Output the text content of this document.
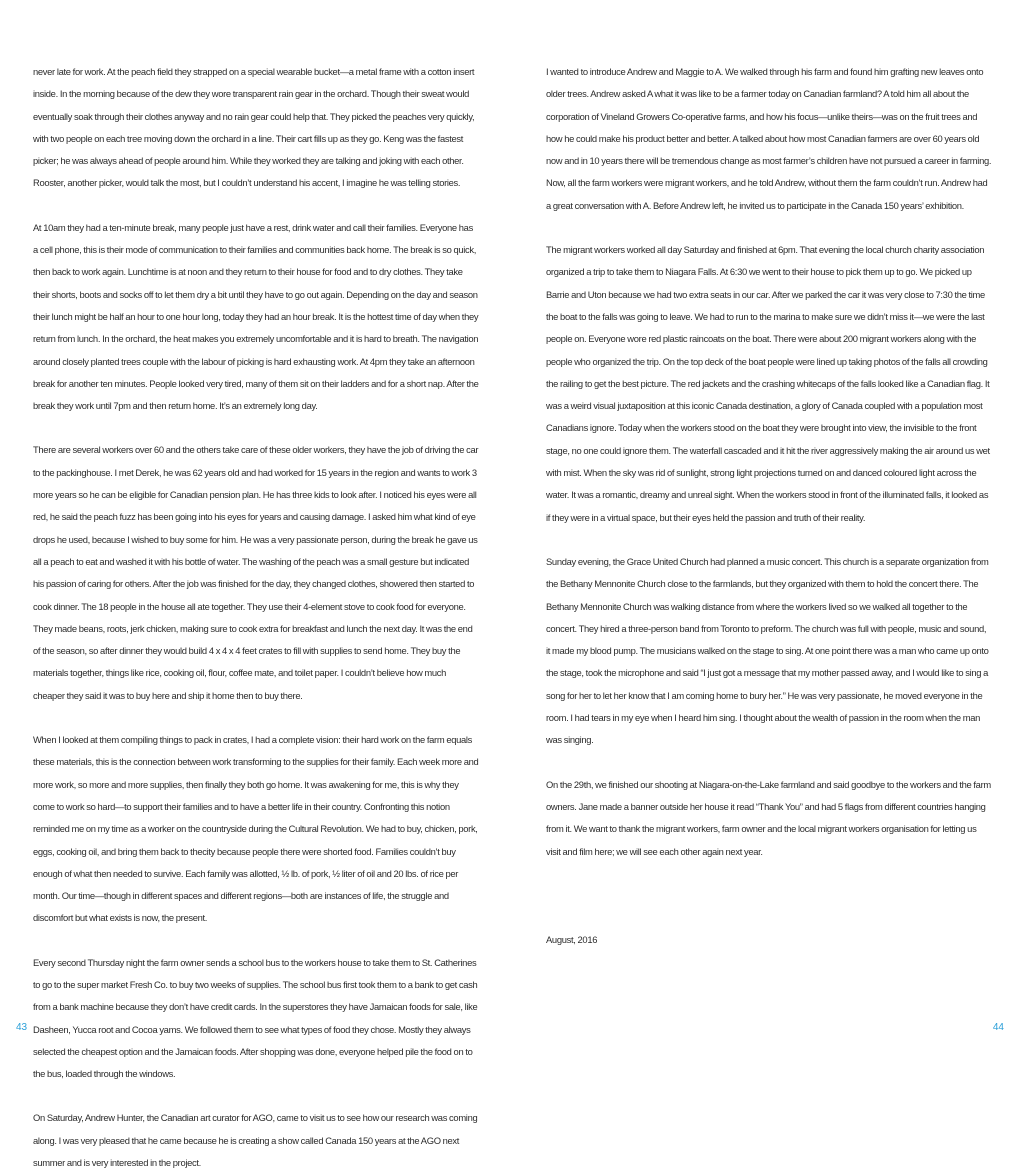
never late for work. At the peach field they strapped on a special wearable bucket—a metal frame with a cotton insert inside. In the morning because of the dew they wore transparent rain gear in the orchard. Though their sweat would eventually soak through their clothes anyway and no rain gear could help that. They picked the peaches very quickly, with two people on each tree moving down the orchard in a line. Their cart fills up as they go. Keng was the fastest picker; he was always ahead of people around him. While they worked they are talking and joking with each other. Rooster, another picker, would talk the most, but I couldn’t understand his accent, I imagine he was telling stories.

At 10am they had a ten-minute break, many people just have a rest, drink water and call their families. Everyone has a cell phone, this is their mode of communication to their families and communities back home. The break is so quick, then back to work again. Lunchtime is at noon and they return to their house for food and to dry clothes. They take their shorts, boots and socks off to let them dry a bit until they have to go out again. Depending on the day and season their lunch might be half an hour to one hour long, today they had an hour break. It is the hottest time of day when they return from lunch. In the orchard, the heat makes you extremely uncomfortable and it is hard to breath. The navigation around closely planted trees couple with the labour of picking is hard exhausting work. At 4pm they take an afternoon break for another ten minutes. People looked very tired, many of them sit on their ladders and for a short nap. After the break they work until 7pm and then return home. It’s an extremely long day.

There are several workers over 60 and the others take care of these older workers, they have the job of driving the car to the packinghouse. I met Derek, he was 62 years old and had worked for 15 years in the region and wants to work 3 more years so he can be eligible for Canadian pension plan. He has three kids to look after. I noticed his eyes were all red, he said the peach fuzz has been going into his eyes for years and causing damage. I asked him what kind of eye drops he used, because I wished to buy some for him. He was a very passionate person, during the break he gave us all a peach to eat and washed it with his bottle of water. The washing of the peach was a small gesture but indicated his passion of caring for others. After the job was finished for the day, they changed clothes, showered then started to cook dinner. The 18 people in the house all ate together. They use their 4-element stove to cook food for everyone. They made beans, roots, jerk chicken, making sure to cook extra for breakfast and lunch the next day. It was the end of the season, so after dinner they would build 4 x 4 x 4 feet crates to fill with supplies to send home. They buy the materials together, things like rice, cooking oil, flour, coffee mate, and toilet paper. I couldn’t believe how much cheaper they said it was to buy here and ship it home then to buy there.

When I looked at them compiling things to pack in crates, I had a complete vision: their hard work on the farm equals these materials, this is the connection between work transforming to the supplies for their family. Each week more and more work, so more and more supplies, then finally they both go home. It was awakening for me, this is why they come to work so hard—to support their families and to have a better life in their country. Confronting this notion reminded me on my time as a worker on the countryside during the Cultural Revolution. We had to buy, chicken, pork, eggs, cooking oil, and bring them back to thecity because people there were shorted food. Families couldn’t buy enough of what then needed to survive. Each family was allotted, ½ lb. of pork, ½ liter of oil and 20 lbs. of rice per month. Our time—though in different spaces and different regions—both are instances of life, the struggle and discomfort but what exists is now, the present.

Every second Thursday night the farm owner sends a school bus to the workers house to take them to St. Catherines to go to the super market Fresh Co. to buy two weeks of supplies. The school bus first took them to a bank to get cash from a bank machine because they don’t have credit cards. In the superstores they have Jamaican foods for sale, like Dasheen, Yucca root and Cocoa yams. We followed them to see what types of food they chose. Mostly they always selected the cheapest option and the Jamaican foods. After shopping was done, everyone helped pile the food on to the bus, loaded through the windows.

On Saturday, Andrew Hunter, the Canadian art curator for AGO, came to visit us to see how our research was coming along. I was very pleased that he came because he is creating a show called Canada 150 years at the AGO next summer and is very interested in the project.

43

I wanted to introduce Andrew and Maggie to A. We walked through his farm and found him grafting new leaves onto older trees. Andrew asked A what it was like to be a farmer today on Canadian farmland? A told him all about the corporation of Vineland Growers Co-operative farms, and how his focus—unlike theirs—was on the fruit trees and how he could make his product better and better. A talked about how most Canadian farmers are over 60 years old now and in 10 years there will be tremendous change as most farmer’s children have not pursued a career in farming. Now, all the farm workers were migrant workers, and he told Andrew, without them the farm couldn’t run. Andrew had a great conversation with A. Before Andrew left, he invited us to participate in the Canada 150 years’ exhibition.

The migrant workers worked all day Saturday and finished at 6pm. That evening the local church charity association organized a trip to take them to Niagara Falls. At 6:30 we went to their house to pick them up to go. We picked up Barrie and Uton because we had two extra seats in our car. After we parked the car it was very close to 7:30 the time the boat to the falls was going to leave. We had to run to the marina to make sure we didn’t miss it—we were the last people on. Everyone wore red plastic raincoats on the boat. There were about 200 migrant workers along with the people who organized the trip. On the top deck of the boat people were lined up taking photos of the falls all crowding the railing to get the best picture. The red jackets and the crashing whitecaps of the falls looked like a Canadian flag. It was a weird visual juxtaposition at this iconic Canada destination, a glory of Canada coupled with a population most Canadians ignore. Today when the workers stood on the boat they were brought into view, the invisible to the front stage, no one could ignore them. The waterfall cascaded and it hit the river aggressively making the air around us wet with mist. When the sky was rid of sunlight, strong light projections turned on and danced coloured light across the water. It was a romantic, dreamy and unreal sight. When the workers stood in front of the illuminated falls, it looked as if they were in a virtual space, but their eyes held the passion and truth of their reality.

Sunday evening, the Grace United Church had planned a music concert. This church is a separate organization from the Bethany Mennonite Church close to the farmlands, but they organized with them to hold the concert there. The Bethany Mennonite Church was walking distance from where the workers lived so we walked all together to the concert. They hired a three-person band from Toronto to preform. The church was full with people, music and sound, it made my blood pump. The musicians walked on the stage to sing. At one point there was a man who came up onto the stage, took the microphone and said “I just got a message that my mother passed away, and I would like to sing a song for her to let her know that I am coming home to bury her.” He was very passionate, he moved everyone in the room. I had tears in my eye when I heard him sing. I thought about the wealth of passion in the room when the man was singing.

On the 29th, we finished our shooting at Niagara-on-the-Lake farmland and said goodbye to the workers and the farm owners. Jane made a banner outside her house it read “Thank You” and had 5 flags from different countries hanging from it. We want to thank the migrant workers, farm owner and the local migrant workers organisation for letting us visit and film here; we will see each other again next year.

August, 2016

44
